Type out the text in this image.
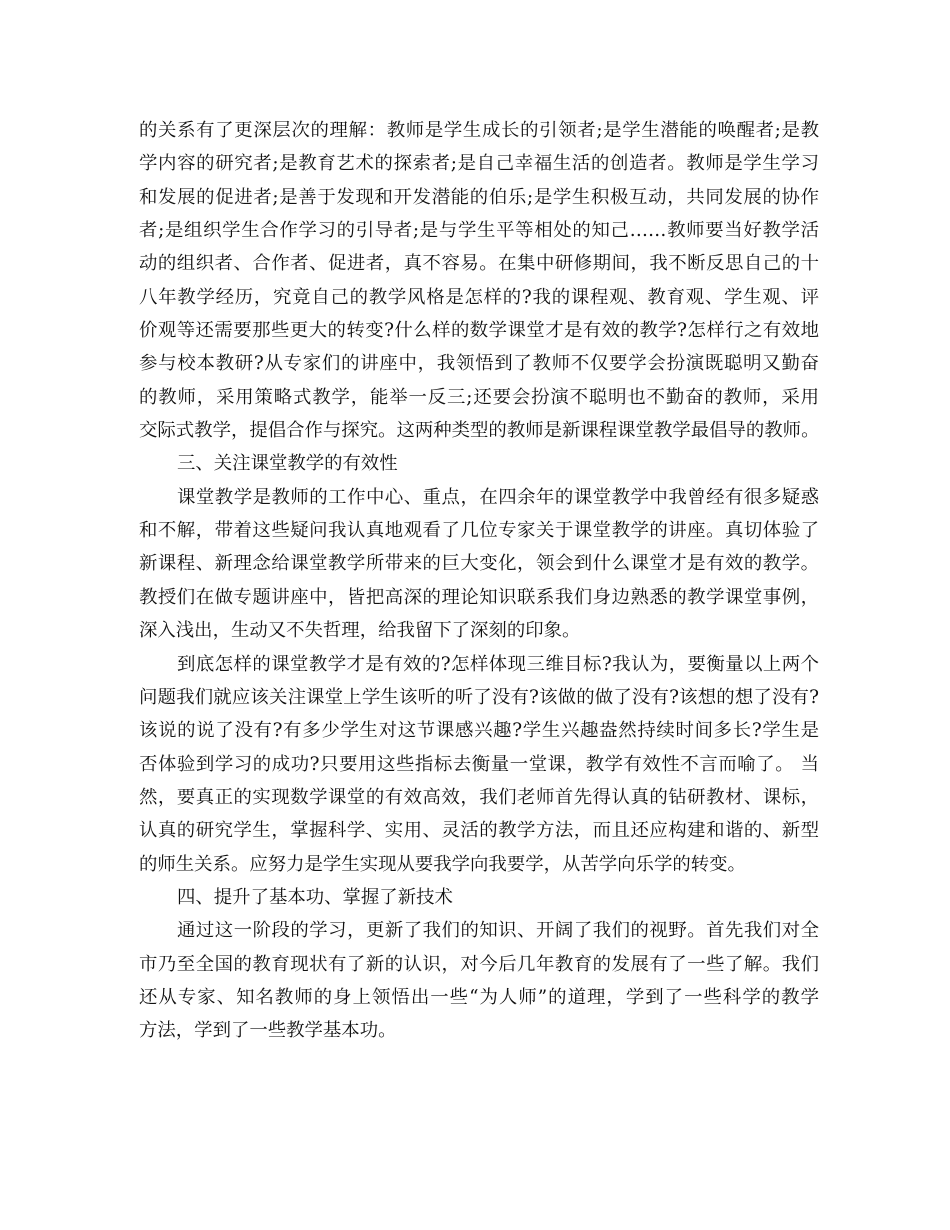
的关系有了更深层次的理解：教师是学生成长的引领者;是学生潜能的唤醒者;是教
学内容的研究者;是教育艺术的探索者;是自己幸福生活的创造者。教师是学生学习
和发展的促进者;是善于发现和开发潜能的伯乐;是学生积极互动，共同发展的协作
者;是组织学生合作学习的引导者;是与学生平等相处的知己……教师要当好教学活
动的组织者、合作者、促进者，真不容易。在集中研修期间，我不断反思自己的十
八年教学经历，究竟自己的教学风格是怎样的?我的课程观、教育观、学生观、评
价观等还需要那些更大的转变?什么样的数学课堂才是有效的教学?怎样行之有效地
参与校本教研?从专家们的讲座中，我领悟到了教师不仅要学会扮演既聪明又勤奋
的教师，采用策略式教学，能举一反三;还要会扮演不聪明也不勤奋的教师，采用
交际式教学，提倡合作与探究。这两种类型的教师是新课程课堂教学最倡导的教师。
三、关注课堂教学的有效性
课堂教学是教师的工作中心、重点，在四余年的课堂教学中我曾经有很多疑惑
和不解，带着这些疑问我认真地观看了几位专家关于课堂教学的讲座。真切体验了
新课程、新理念给课堂教学所带来的巨大变化，领会到什么课堂才是有效的教学。
教授们在做专题讲座中，皆把高深的理论知识联系我们身边熟悉的教学课堂事例，
深入浅出，生动又不失哲理，给我留下了深刻的印象。
到底怎样的课堂教学才是有效的?怎样体现三维目标?我认为，要衡量以上两个
问题我们就应该关注课堂上学生该听的听了没有?该做的做了没有?该想的想了没有?
该说的说了没有?有多少学生对这节课感兴趣?学生兴趣盎然持续时间多长?学生是
否体验到学习的成功?只要用这些指标去衡量一堂课，教学有效性不言而喻了。 当
然，要真正的实现数学课堂的有效高效，我们老师首先得认真的钻研教材、课标，
认真的研究学生，掌握科学、实用、灵活的教学方法，而且还应构建和谐的、新型
的师生关系。应努力是学生实现从要我学向我要学，从苦学向乐学的转变。
四、提升了基本功、掌握了新技术
通过这一阶段的学习，更新了我们的知识、开阔了我们的视野。首先我们对全
市乃至全国的教育现状有了新的认识，对今后几年教育的发展有了一些了解。我们
还从专家、知名教师的身上领悟出一些“为人师”的道理，学到了一些科学的教学
方法，学到了一些教学基本功。
